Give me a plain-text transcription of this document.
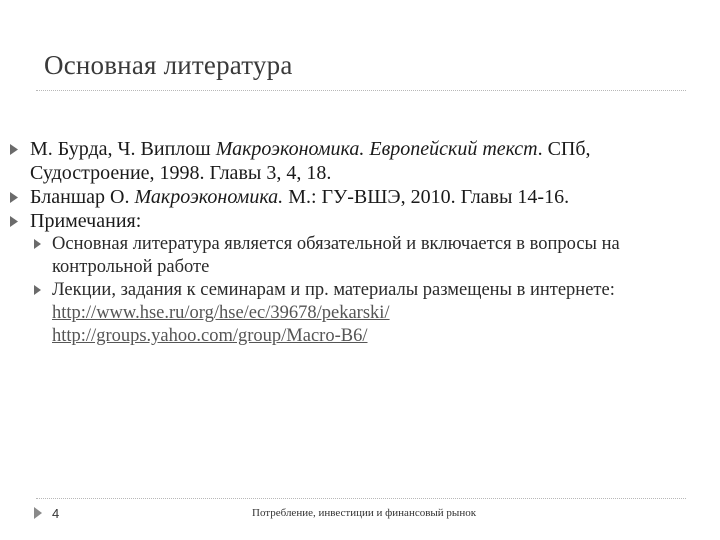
Основная литература
М. Бурда, Ч. Виплош Макроэкономика. Европейский текст. СПб, Судостроение, 1998. Главы 3, 4, 18.
Бланшар О. Макроэкономика. М.: ГУ-ВШЭ, 2010. Главы 14-16.
Примечания:
Основная литература является обязательной и включается в вопросы на контрольной работе
Лекции, задания к семинарам и пр. материалы размещены в интернете: http://www.hse.ru/org/hse/ec/39678/pekarski/
http://groups.yahoo.com/group/Macro-B6/
4	Потребление, инвестиции и финансовый рынок
